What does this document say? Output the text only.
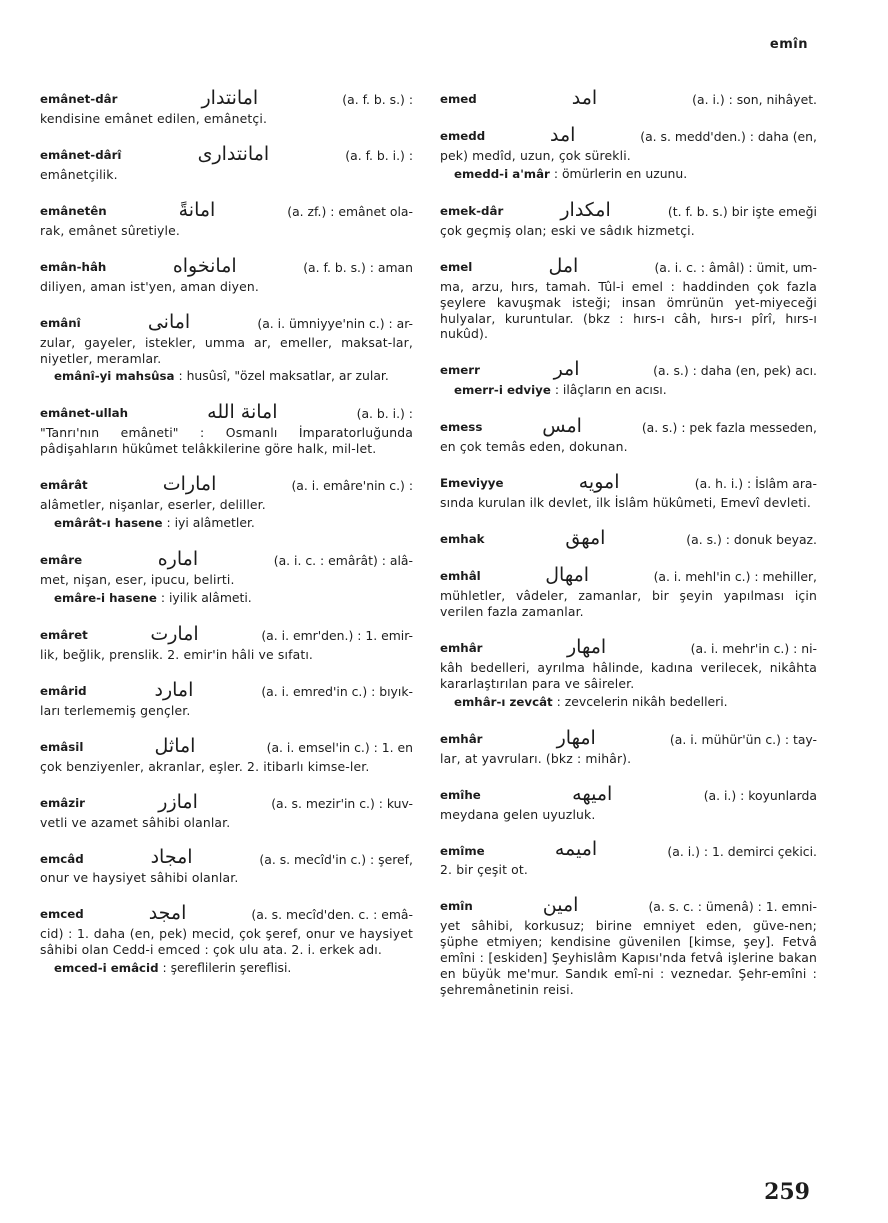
emîn
emânet-dâr	امانتدار	(a. f. b. s.) :
kendisine emânet edilen, emânetçi.
emânet-dârî	امانتداری	(a. f. b. i.) :
emânetçilik.
emânetên	امانةً	(a. zf.) : emânet ola-
rak, emânet sûretiyle.
emân-hâh	امانخواه	(a. f. b. s.) : aman
diliyen, aman ist'yen, aman diyen.
emânî	امانى	(a. i. ümniyye'nin c.) : ar-
zular, gayeler, istekler, umma ar, emeller, maksat-lar, niyetler, meramlar.
emânî-yi mahsûsa : husûsî, "özel maksatlar, ar zular.
emânet-ullah	امانة الله	(a. b. i.) :
"Tanrı'nın emâneti" : Osmanlı İmparatorluğunda pâdişahların hükûmet telâkkilerine göre halk, mil-let.
emârât	امارات	(a. i. emâre'nin c.) :
alâmetler, nişanlar, eserler, deliller.
emârât-ı hasene : iyi alâmetler.
emâre	اماره	(a. i. c. : emârât) : alâ-
met, nişan, eser, ipucu, belirti.
emâre-i hasene : iyilik alâmeti.
emâret	امارت	(a. i. emr'den.) : 1. emir-
lik, beğlik, prenslik. 2. emir'in hâli ve sıfatı.
emârid	امارد	(a. i. emred'in c.) : bıyık-
ları terlememiş gençler.
emâsil	اماثل	(a. i. emsel'in c.) : 1. en
çok benziyenler, akranlar, eşler. 2. itibarlı kimse-ler.
emâzir	امازر	(a. s. mezir'in c.) : kuv-
vetli ve azamet sâhibi olanlar.
emcâd	امجاد	(a. s. mecîd'in c.) : şeref,
onur ve haysiyet sâhibi olanlar.
emced	امجد	(a. s. mecîd'den. c. : emâ-
cid) : 1. daha (en, pek) mecid, çok şeref, onur ve haysiyet sâhibi olan Cedd-i emced : çok ulu ata. 2. i. erkek adı.
emced-i emâcid : şereflilerin şereflisi.
emed	امد	(a. i.) : son, nihâyet.
emedd	امد	(a. s. medd'den.) : daha (en,
pek) medîd, uzun, çok sürekli.
emedd-i a'mâr : ömürlerin en uzunu.
emek-dâr	امكدار	(t. f. b. s.) bir işte emeği
çok geçmiş olan; eski ve sâdık hizmetçi.
emel	امل	(a. i. c. : âmâl) : ümit, um-
ma, arzu, hırs, tamah. Tûl-i emel : haddinden çok fazla şeylere kavuşmak isteği; insan ömrünün yet-miyeceği hulyalar, kuruntular. (bkz : hırs-ı câh, hırs-ı pîrî, hırs-ı nukûd).
emerr	امر	(a. s.) : daha (en, pek) acı.
emerr-i edviye : ilâçların en acısı.
emess	امس	(a. s.) : pek fazla messeden,
en çok temâs eden, dokunan.
Emeviyye	امویه	(a. h. i.) : İslâm ara-
sında kurulan ilk devlet, ilk İslâm hükûmeti, Emevî devleti.
emhak	امهق	(a. s.) : donuk beyaz.
emhâl	امهال	(a. i. mehl'in c.) : mehiller,
mühletler, vâdeler, zamanlar, bir şeyin yapılması için verilen fazla zamanlar.
emhâr	امهار	(a. i. mehr'in c.) : ni-
kâh bedelleri, ayrılma hâlinde, kadına verilecek, nikâhta kararlaştırılan para ve sâireler.
emhâr-ı zevcât : zevcelerin nikâh bedelleri.
emhâr	امهار	(a. i. mühür'ün c.) : tay-
lar, at yavruları. (bkz : mihâr).
emîhe	اميهه	(a. i.) : koyunlarda
meydana gelen uyuzluk.
emîme	اميمه	(a. i.) : 1. demirci çekici.
2. bir çeşit ot.
emîn	امين	(a. s. c. : ümenâ) : 1. emni-
yet sâhibi, korkusuz; birine emniyet eden, güve-nen; şüphe etmiyen; kendisine güvenilen [kimse, şey]. Fetvâ emîni : [eskiden] Şeyhislâm Kapısı'nda fetvâ işlerine bakan en büyük me'mur. Sandık emî-ni : veznedar. Şehr-emîni : şehremânetinin reisi.
259
